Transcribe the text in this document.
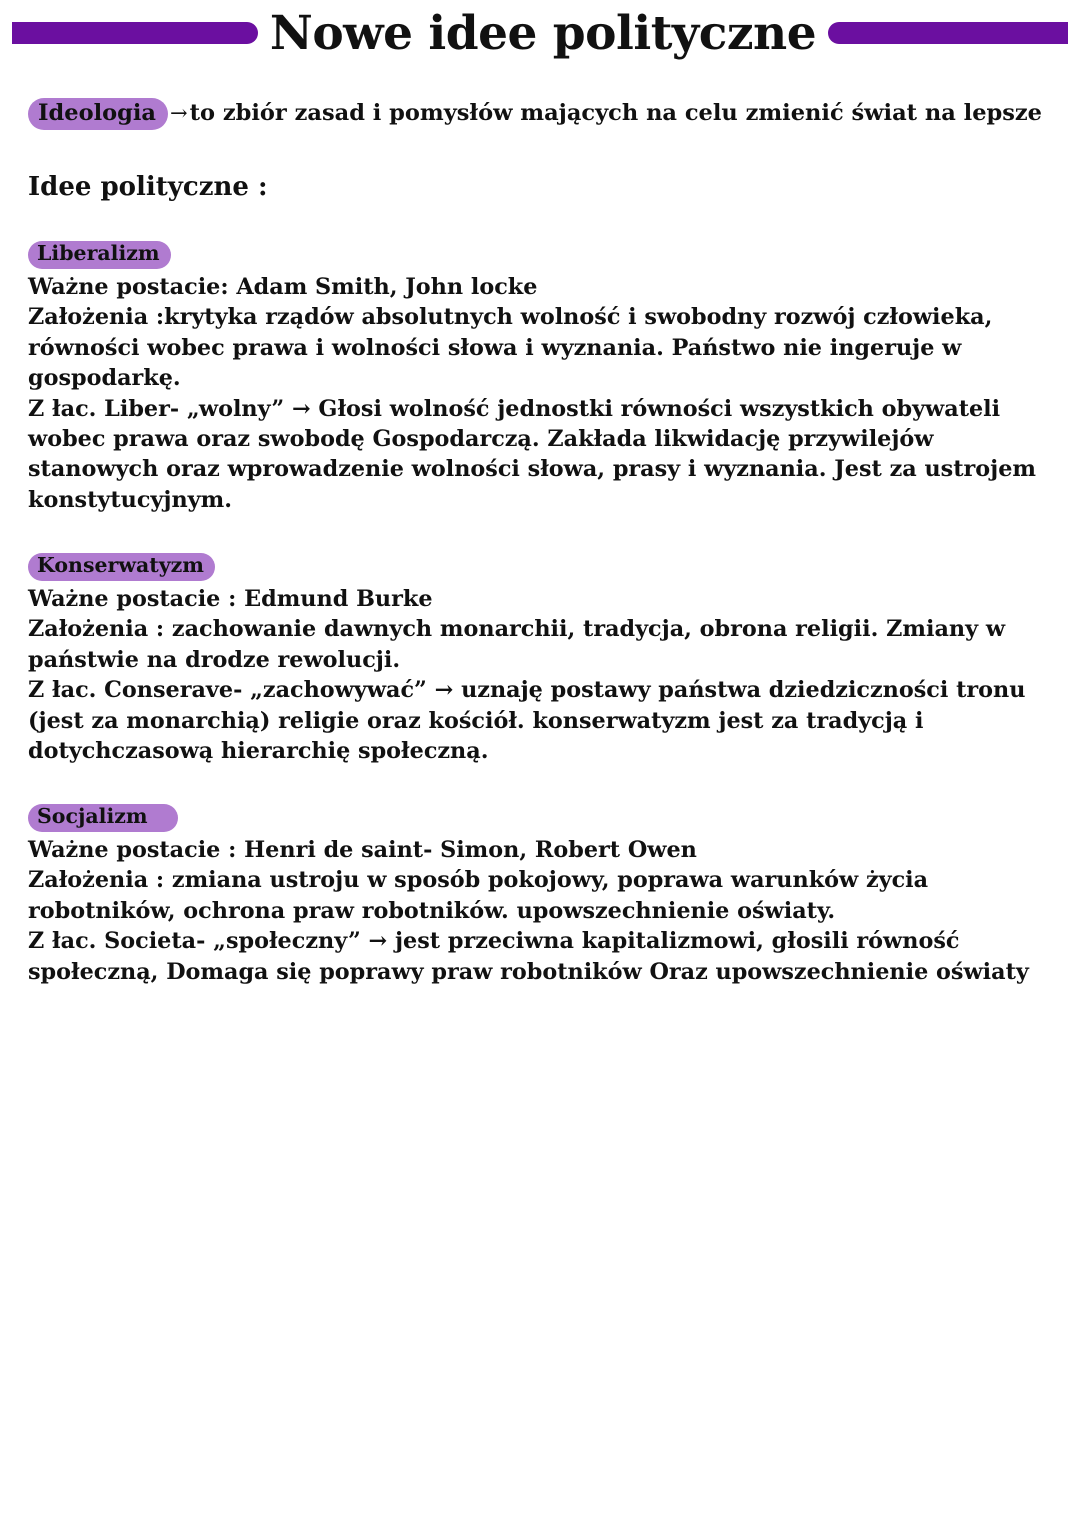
Nowe idee polityczne

Ideologia →to zbiór zasad i pomysłów mających na celu zmienić świat na lepsze

Idee polityczne :

Liberalizm

Ważne postacie: Adam Smith, John locke

Założenia :krytyka rządów absolutnych wolność i swobodny rozwój człowieka, równości wobec prawa i wolności słowa i wyznania. Państwo nie ingeruje w gospodarkę.

Z łac. Liber- „wolny” → Głosi wolność jednostki równości wszystkich obywateli wobec prawa oraz swobodę Gospodarczą. Zakłada likwidację przywilejów stanowych oraz wprowadzenie wolności słowa, prasy i wyznania. Jest za ustrojem konstytucyjnym.

Konserwatyzm

Ważne postacie : Edmund Burke

Założenia : zachowanie dawnych monarchii, tradycja, obrona religii. Zmiany w państwie na drodze rewolucji.

Z łac. Conserave- „zachowywać” → uznaję postawy państwa dziedziczności tronu (jest za monarchią) religie oraz kościół. konserwatyzm jest za tradycją i dotychczasową hierarchię społeczną.

Socjalizm

Ważne postacie : Henri de saint- Simon, Robert Owen

Założenia : zmiana ustroju w sposób pokojowy, poprawa warunków życia robotników, ochrona praw robotników. upowszechnienie oświaty.

Z łac. Societa- „społeczny” → jest przeciwna kapitalizmowi, głosili równość społeczną, Domaga się poprawy praw robotników Oraz upowszechnienie oświaty
